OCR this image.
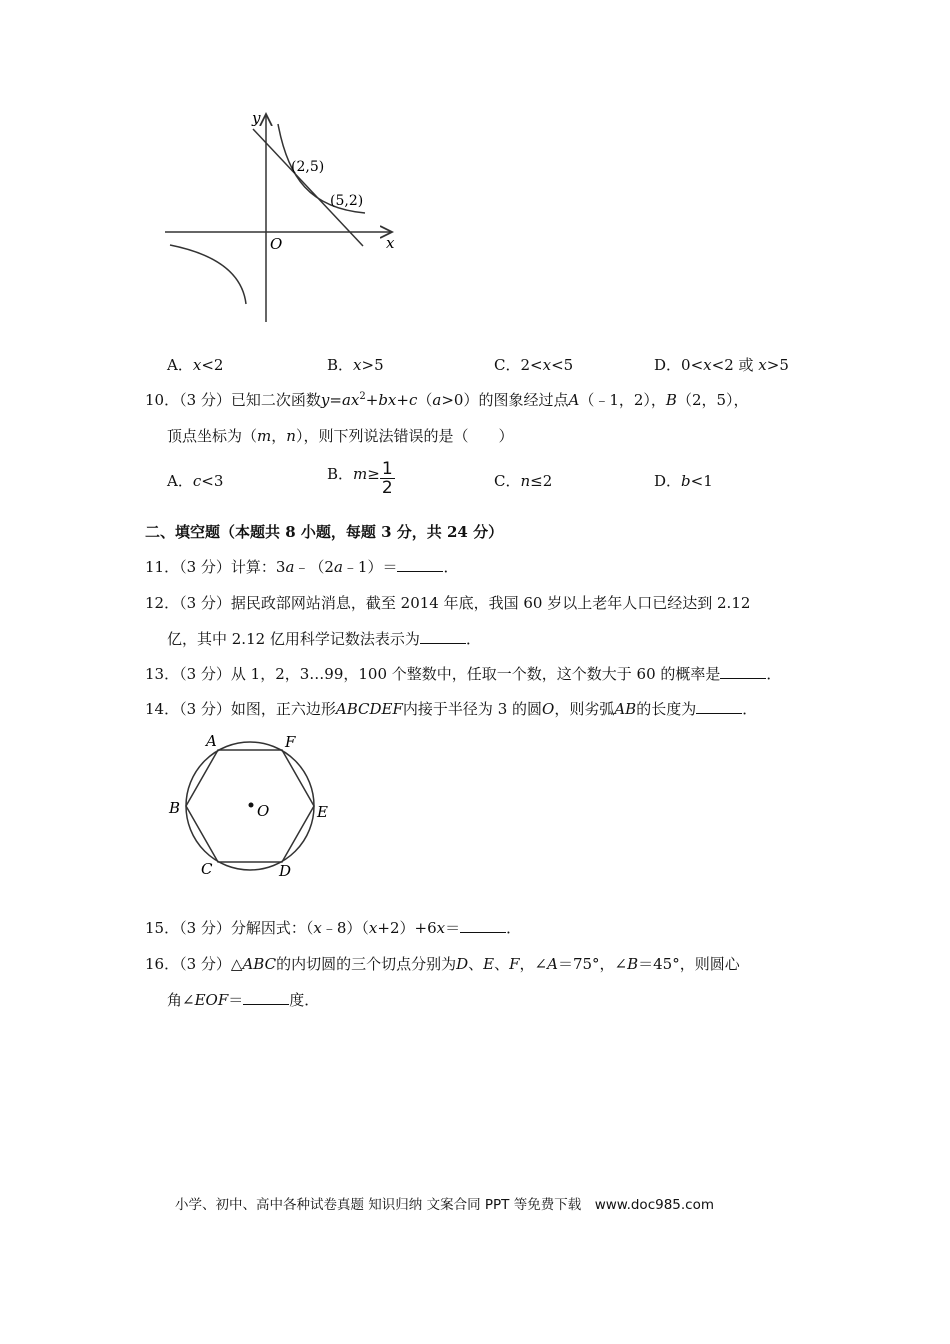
y
x
O
(2,5)
(5,2)
A．x<2	B．x>5	C．2<x<5	D．0<x<2 或 x>5
10．（3 分）已知二次函数$y=ax^2+bx+c(a>0)$的图象经过点A（﹣1，2），B（2，5），
顶点坐标为（m，n），则下列说法错误的是（　　）
A．c<3	B．$m\ge \frac{1}{2}$	C．n≤2	D．b<1
二、填空题（本题共 8 小题，每题 3 分，共 24 分）
11．（3 分）计算：3a﹣（2a﹣1）＝	．
12．（3 分）据民政部网站消息，截至 2014 年底，我国 60 岁以上老年人口已经达到 2.12
亿，其中 2.12 亿用科学记数法表示为	．
13．（3 分）从 1，2，3…99，100 个整数中，任取一个数，这个数大于 60 的概率是	．
14．（3 分）如图，正六边形ABCDEF内接于半径为 3 的圆O，则劣弧AB的长度为	．
A	F
B	E
C	D
O
15．（3 分）分解因式：（x﹣8）（x+2）+6x＝	．
16．（3 分）△ABC的内切圆的三个切点分别为D、E、F，∠A＝75°，∠B＝45°，则圆心
角∠EOF＝	度．
小学、初中、高中各种试卷真题 知识归纳 文案合同 PPT 等免费下载　www.doc985.com
